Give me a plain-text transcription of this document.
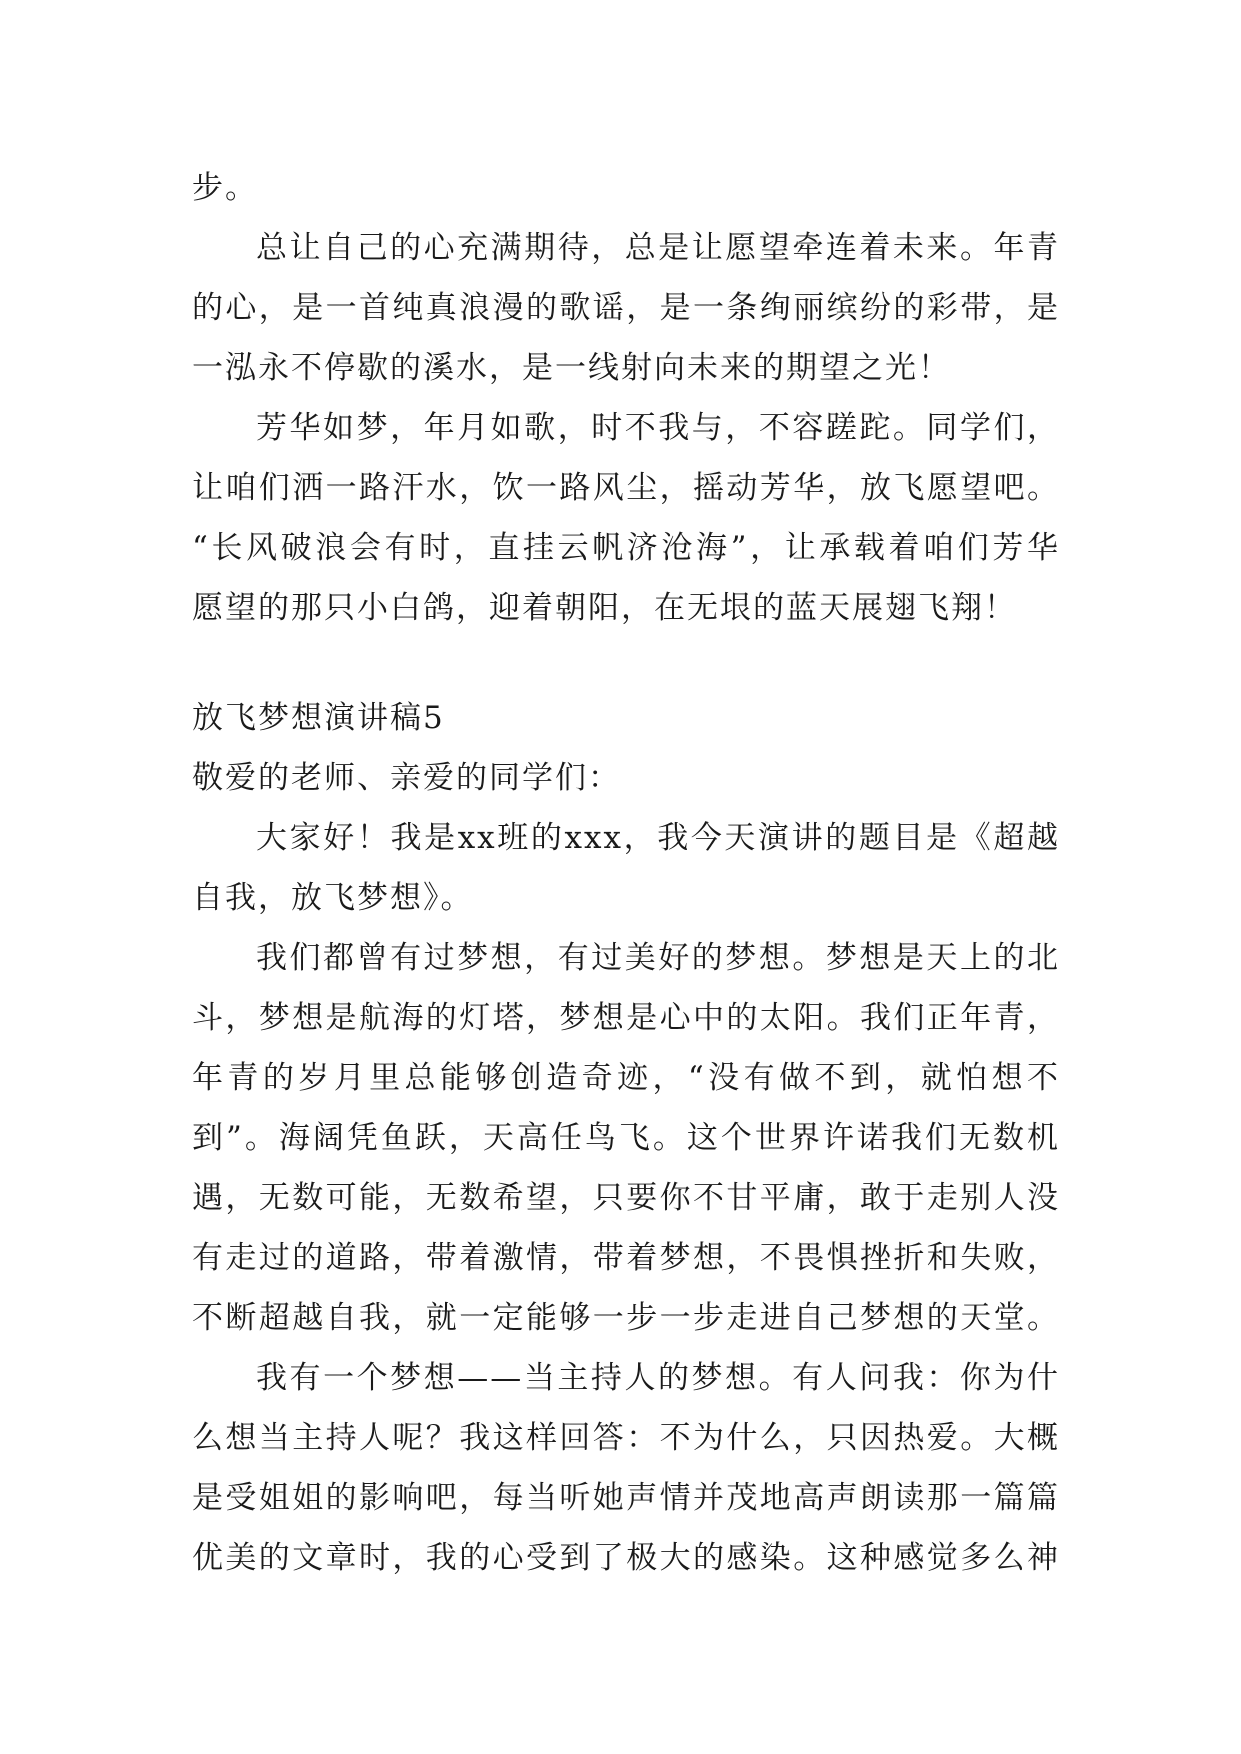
步。
总让自己的心充满期待，总是让愿望牵连着未来。年青
的心，是一首纯真浪漫的歌谣，是一条绚丽缤纷的彩带，是
一泓永不停歇的溪水，是一线射向未来的期望之光！
芳华如梦，年月如歌，时不我与，不容蹉跎。同学们，
让咱们洒一路汗水，饮一路风尘，摇动芳华，放飞愿望吧。
“长风破浪会有时，直挂云帆济沧海”，让承载着咱们芳华
愿望的那只小白鸽，迎着朝阳，在无垠的蓝天展翅飞翔！
放飞梦想演讲稿5
敬爱的老师、亲爱的同学们：
大家好！我是xx班的xxx，我今天演讲的题目是《超越
自我，放飞梦想》。
我们都曾有过梦想，有过美好的梦想。梦想是天上的北
斗，梦想是航海的灯塔，梦想是心中的太阳。我们正年青，
年青的岁月里总能够创造奇迹，“没有做不到，就怕想不
到”。海阔凭鱼跃，天高任鸟飞。这个世界许诺我们无数机
遇，无数可能，无数希望，只要你不甘平庸，敢于走别人没
有走过的道路，带着激情，带着梦想，不畏惧挫折和失败，
不断超越自我，就一定能够一步一步走进自己梦想的天堂。
我有一个梦想——当主持人的梦想。有人问我：你为什
么想当主持人呢？我这样回答：不为什么，只因热爱。大概
是受姐姐的影响吧，每当听她声情并茂地高声朗读那一篇篇
优美的文章时，我的心受到了极大的感染。这种感觉多么神
